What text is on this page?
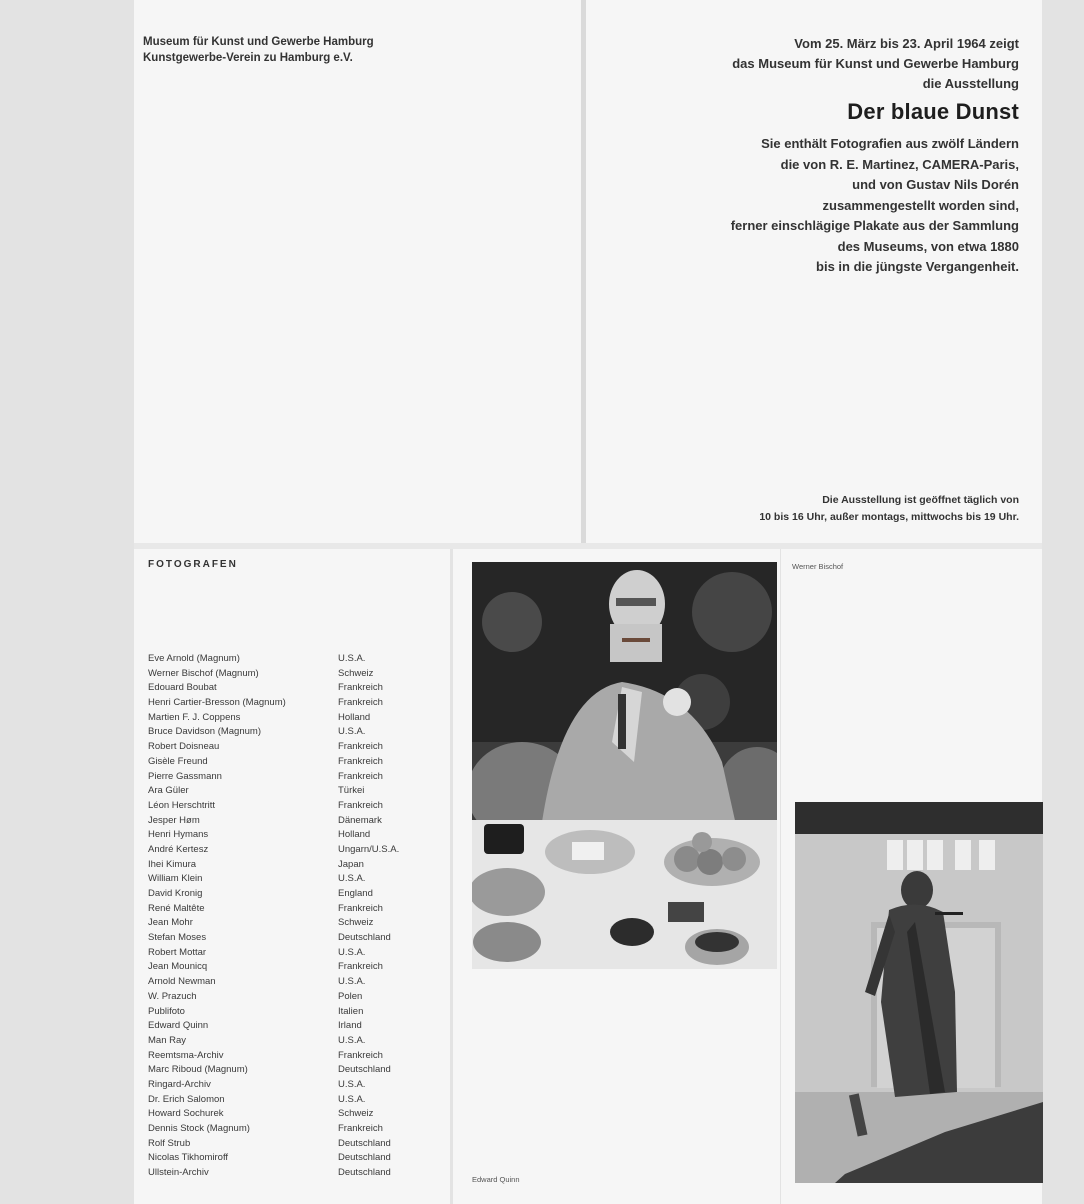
Museum für Kunst und Gewerbe Hamburg
Kunstgewerbe-Verein zu Hamburg e.V.
Vom 25. März bis 23. April 1964 zeigt
das Museum für Kunst und Gewerbe Hamburg
die Ausstellung
Der blaue Dunst
Sie enthält Fotografien aus zwölf Ländern
die von R. E. Martinez, CAMERA-Paris,
und von Gustav Nils Dorén
zusammengestellt worden sind,
ferner einschlägige Plakate aus der Sammlung
des Museums, von etwa 1880
bis in die jüngste Vergangenheit.
Die Ausstellung ist geöffnet täglich von
10 bis 16 Uhr, außer montags, mittwochs bis 19 Uhr.
FOTOGRAFEN
Eve Arnold (Magnum)	U.S.A.
Werner Bischof (Magnum)	Schweiz
Edouard Boubat	Frankreich
Henri Cartier-Bresson (Magnum)	Frankreich
Martien F. J. Coppens	Holland
Bruce Davidson (Magnum)	U.S.A.
Robert Doisneau	Frankreich
Gisèle Freund	Frankreich
Pierre Gassmann	Frankreich
Ara Güler	Türkei
Léon Herschtritt	Frankreich
Jesper Høm	Dänemark
Henri Hymans	Holland
André Kertesz	Ungarn/U.S.A.
Ihei Kimura	Japan
William Klein	U.S.A.
David Kronig	England
René Maltête	Frankreich
Jean Mohr	Schweiz
Stefan Moses	Deutschland
Robert Mottar	U.S.A.
Jean Mounicq	Frankreich
Arnold Newman	U.S.A.
W. Prazuch	Polen
Publifoto	Italien
Edward Quinn	Irland
Man Ray	U.S.A.
Reemtsma-Archiv	Frankreich
Marc Riboud (Magnum)	Deutschland
Ringard-Archiv	U.S.A.
Dr. Erich Salomon	U.S.A.
Howard Sochurek	Schweiz
Dennis Stock (Magnum)	Frankreich
Rolf Strub	Deutschland
Nicolas Tikhomiroff	Deutschland
Ullstein-Archiv	Deutschland
Edward Quinn
Werner Bischof
